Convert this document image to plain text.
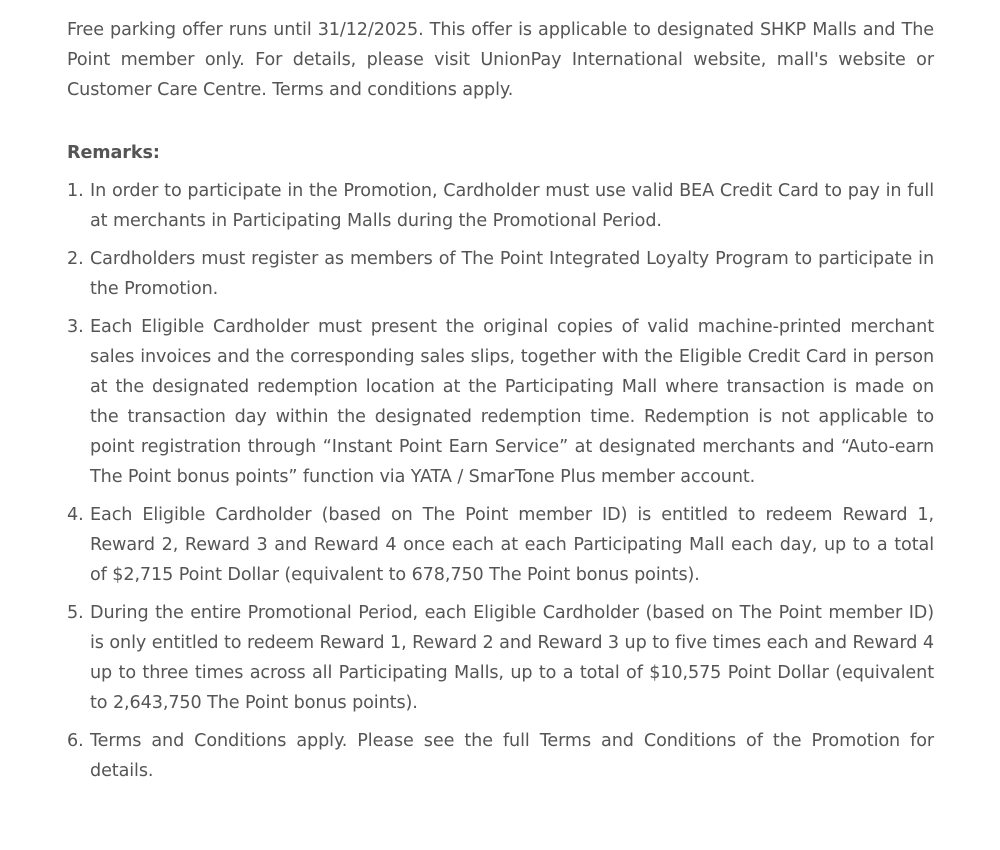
Free parking offer runs until 31/12/2025. This offer is applicable to designated SHKP Malls and The Point member only. For details, please visit UnionPay International website, mall's website or Customer Care Centre. Terms and conditions apply.

Remarks:
1. In order to participate in the Promotion, Cardholder must use valid BEA Credit Card to pay in full at merchants in Participating Malls during the Promotional Period.
2. Cardholders must register as members of The Point Integrated Loyalty Program to participate in the Promotion.
3. Each Eligible Cardholder must present the original copies of valid machine-printed merchant sales invoices and the corresponding sales slips, together with the Eligible Credit Card in person at the designated redemption location at the Participating Mall where transaction is made on the transaction day within the designated redemption time. Redemption is not applicable to point registration through “Instant Point Earn Service” at designated merchants and “Auto-earn The Point bonus points” function via YATA / SmarTone Plus member account.
4. Each Eligible Cardholder (based on The Point member ID) is entitled to redeem Reward 1, Reward 2, Reward 3 and Reward 4 once each at each Participating Mall each day, up to a total of $2,715 Point Dollar (equivalent to 678,750 The Point bonus points).
5. During the entire Promotional Period, each Eligible Cardholder (based on The Point member ID) is only entitled to redeem Reward 1, Reward 2 and Reward 3 up to five times each and Reward 4 up to three times across all Participating Malls, up to a total of $10,575 Point Dollar (equivalent to 2,643,750 The Point bonus points).
6. Terms and Conditions apply. Please see the full Terms and Conditions of the Promotion for details.
